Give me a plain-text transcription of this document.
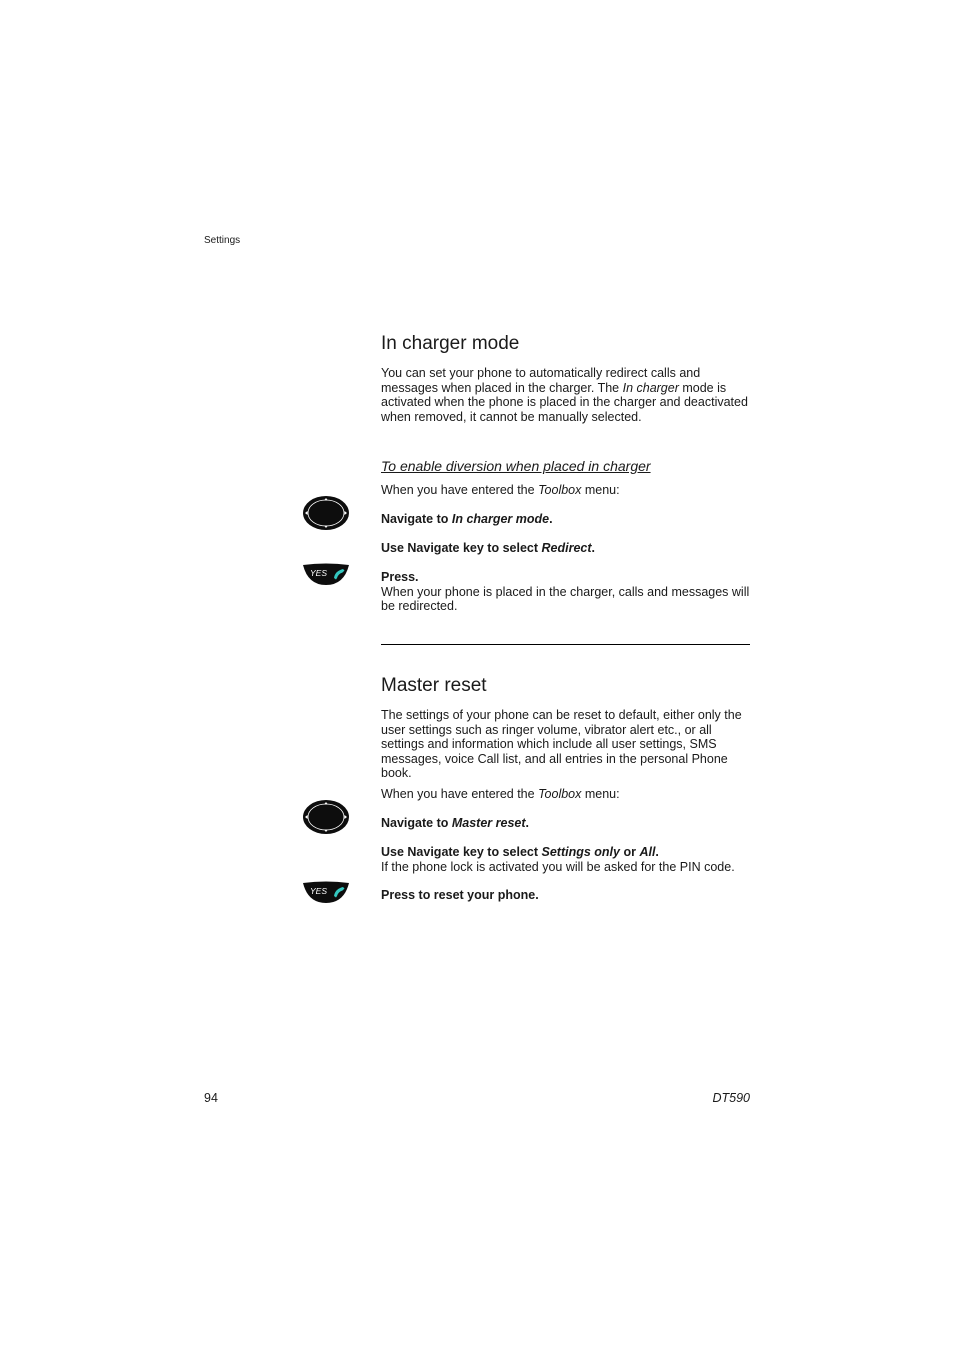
Settings
In charger mode
You can set your phone to automatically redirect calls and messages when placed in the charger. The In charger mode is activated when the phone is placed in the charger and deactivated when removed, it cannot be manually selected.
To enable diversion when placed in charger
When you have entered the Toolbox menu:
Navigate to In charger mode.
Use Navigate key to select Redirect.
YES	Press.
When your phone is placed in the charger, calls and messages will be redirected.
Master reset
The settings of your phone can be reset to default, either only the user settings such as ringer volume, vibrator alert etc., or all settings and information which include all user settings, SMS messages, voice Call list, and all entries in the personal Phone book.
When you have entered the Toolbox menu:
Navigate to Master reset.
Use Navigate key to select Settings only or All.
If the phone lock is activated you will be asked for the PIN code.
YES	Press to reset your phone.
94	DT590
